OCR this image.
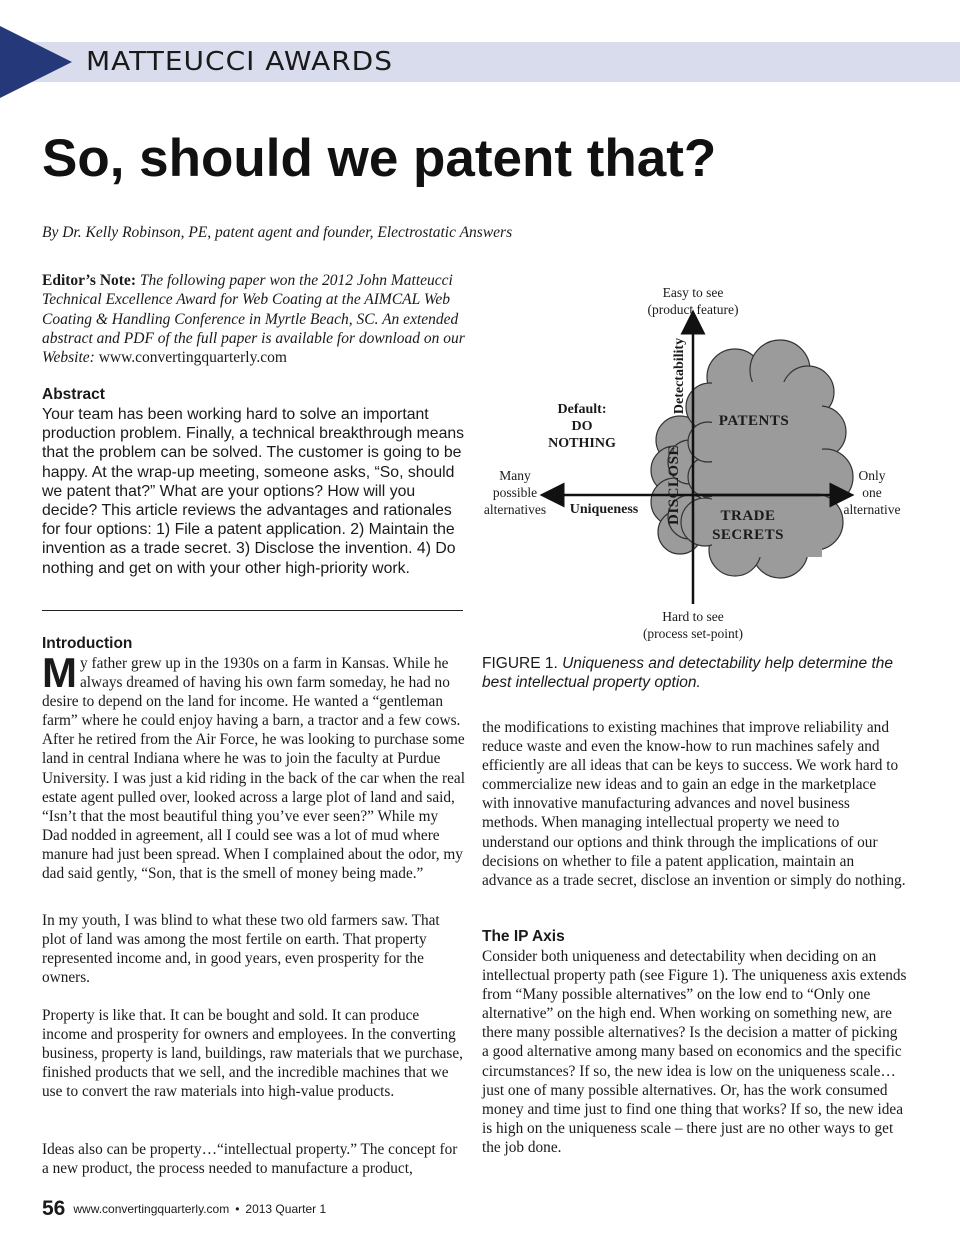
MATTEUCCI AWARDS
So, should we patent that?
By Dr. Kelly Robinson, PE, patent agent and founder, Electrostatic Answers
Editor’s Note: The following paper won the 2012 John Matteucci Technical Excellence Award for Web Coating at the AIMCAL Web Coating & Handling Conference in Myrtle Beach, SC. An extended abstract and PDF of the full paper is available for download on our Website: www.convertingquarterly.com
Abstract
Your team has been working hard to solve an important production problem. Finally, a technical breakthrough means that the problem can be solved. The customer is going to be happy. At the wrap-up meeting, someone asks, “So, should we patent that?” What are your options? How will you decide? This article reviews the advantages and rationales for four options: 1) File a patent application. 2) Maintain the invention as a trade secret. 3) Disclose the invention. 4) Do nothing and get on with your other high-priority work.
Introduction

My father grew up in the 1930s on a farm in Kansas. While he always dreamed of having his own farm someday, he had no desire to depend on the land for income. He wanted a “gentleman farm” where he could enjoy having a barn, a tractor and a few cows. After he retired from the Air Force, he was looking to purchase some land in central Indiana where he was to join the faculty at Purdue University. I was just a kid riding in the back of the car when the real estate agent pulled over, looked across a large plot of land and said, “Isn’t that the most beautiful thing you’ve ever seen?” While my Dad nodded in agreement, all I could see was a lot of mud where manure had just been spread. When I complained about the odor, my dad said gently, “Son, that is the smell of money being made.”

In my youth, I was blind to what these two old farmers saw. That plot of land was among the most fertile on earth. That property represented income and, in good years, even prosperity for the owners.

Property is like that. It can be bought and sold. It can produce income and prosperity for owners and employees. In the converting business, property is land, buildings, raw materials that we purchase, finished products that we sell, and the incredible machines that we use to convert the raw materials into high-value products.

Ideas also can be property…“intellectual property.” The concept for a new product, the process needed to manufacture a product,

Easy to see
(product feature)
Hard to see
(process set-point)
Many
possible
alternatives
Only
one
alternative
Uniqueness
Detectability
Default:
DO
NOTHING
PATENTS
TRADE
SECRETS
DISCLOSE
FIGURE 1. Uniqueness and detectability help determine the best intellectual property option.

the modifications to existing machines that improve reliability and reduce waste and even the know-how to run machines safely and efficiently are all ideas that can be keys to success. We work hard to commercialize new ideas and to gain an edge in the marketplace with innovative manufacturing advances and novel business methods. When managing intellectual property we need to understand our options and think through the implications of our decisions on whether to file a patent application, maintain an advance as a trade secret, disclose an invention or simply do nothing.

The IP Axis

Consider both uniqueness and detectability when deciding on an intellectual property path (see Figure 1). The uniqueness axis extends from “Many possible alternatives” on the low end to “Only one alternative” on the high end. When working on something new, are there many possible alternatives? Is the decision a matter of picking a good alternative among many based on economics and the specific circumstances? If so, the new idea is low on the uniqueness scale…just one of many possible alternatives. Or, has the work consumed money and time just to find one thing that works? If so, the new idea is high on the uniqueness scale – there just are no other ways to get the job done.

56 www.convertingquarterly.com • 2013 Quarter 1
